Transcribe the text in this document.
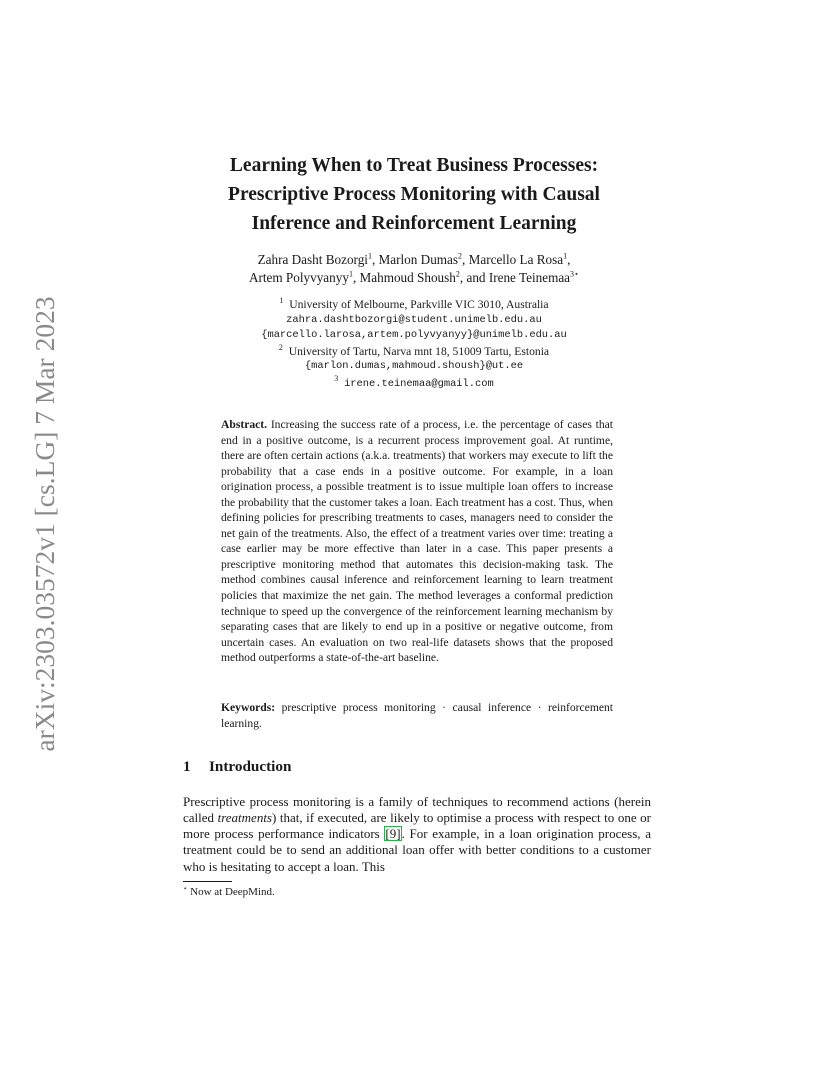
arXiv:2303.03572v1 [cs.LG] 7 Mar 2023
Learning When to Treat Business Processes:
Prescriptive Process Monitoring with Causal
Inference and Reinforcement Learning
Zahra Dasht Bozorgi$^1$, Marlon Dumas$^2$, Marcello La Rosa$^1$,
Artem Polyvyanyy$^1$, Mahmoud Shoush$^2$, and Irene Teinemaa$^{3⋆}$
$^1$ University of Melbourne, Parkville VIC 3010, Australia
zahra.dashtbozorgi@student.unimelb.edu.au
{marcello.larosa,artem.polyvyanyy}@unimelb.edu.au
$^2$ University of Tartu, Narva mnt 18, 51009 Tartu, Estonia
{marlon.dumas,mahmoud.shoush}@ut.ee
$^3$ irene.teinemaa@gmail.com

Abstract. Increasing the success rate of a process, i.e. the percentage of cases that end in a positive outcome, is a recurrent process improvement goal. At runtime, there are often certain actions (a.k.a. treatments) that workers may execute to lift the probability that a case ends in a positive outcome. For example, in a loan origination process, a possible treatment is to issue multiple loan offers to increase the probability that the customer takes a loan. Each treatment has a cost. Thus, when defining policies for prescribing treatments to cases, managers need to consider the net gain of the treatments. Also, the effect of a treatment varies over time: treating a case earlier may be more effective than later in a case. This paper presents a prescriptive monitoring method that automates this decision-making task. The method combines causal inference and reinforcement learning to learn treatment policies that maximize the net gain. The method leverages a conformal prediction technique to speed up the convergence of the reinforcement learning mechanism by separating cases that are likely to end up in a positive or negative outcome, from uncertain cases. An evaluation on two real-life datasets shows that the proposed method outperforms a state-of-the-art baseline.

Keywords: prescriptive process monitoring · causal inference · reinforcement learning.

1 Introduction

Prescriptive process monitoring is a family of techniques to recommend actions (herein called treatments) that, if executed, are likely to optimise a process with respect to one or more process performance indicators [9]. For example, in a loan origination process, a treatment could be to send an additional loan offer with better conditions to a customer who is hesitating to accept a loan. This

⋆ Now at DeepMind.
